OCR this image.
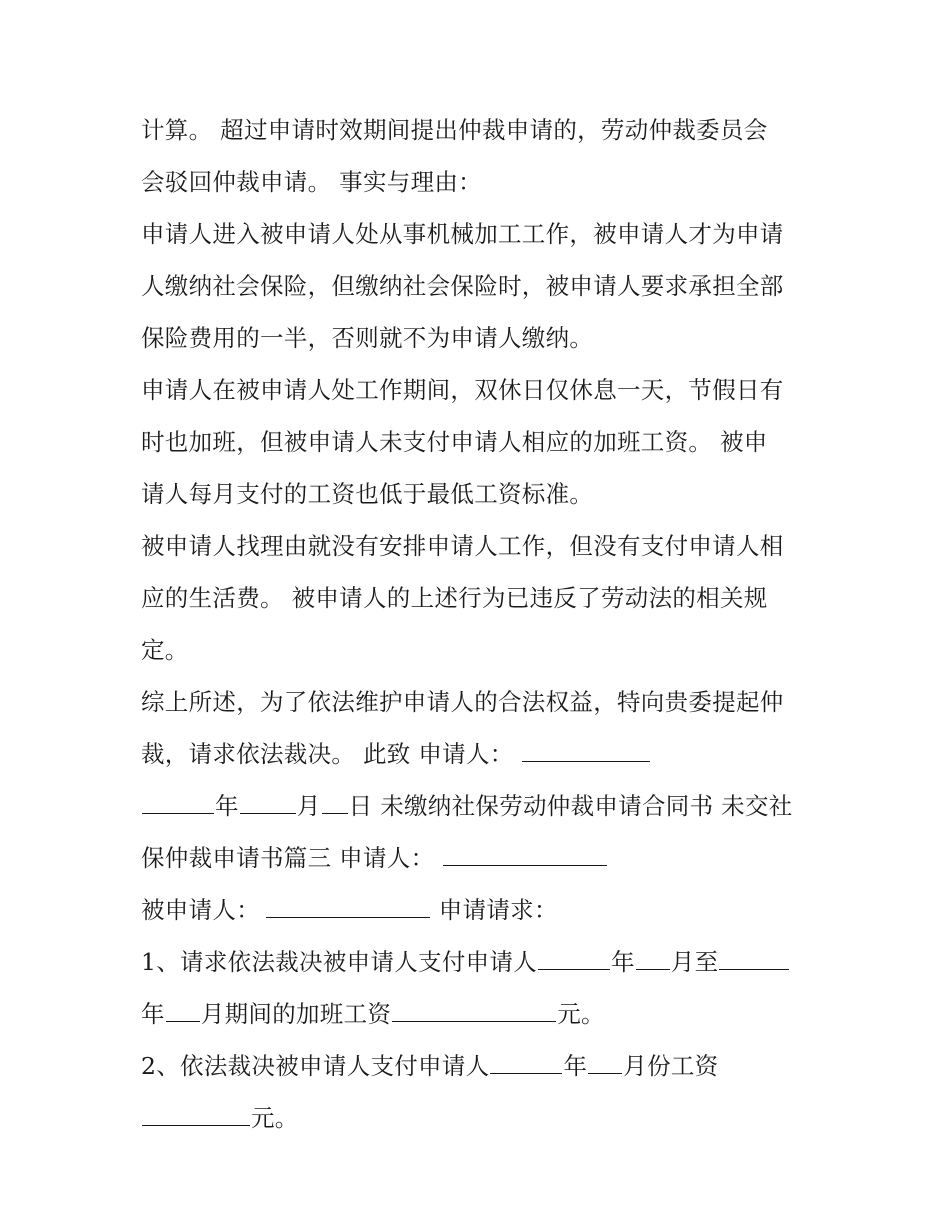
计算。 超过申请时效期间提出仲裁申请的，劳动仲裁委员会
会驳回仲裁申请。 事实与理由：
申请人进入被申请人处从事机械加工工作，被申请人才为申请
人缴纳社会保险，但缴纳社会保险时，被申请人要求承担全部
保险费用的一半，否则就不为申请人缴纳。
申请人在被申请人处工作期间，双休日仅休息一天，节假日有
时也加班，但被申请人未支付申请人相应的加班工资。 被申
请人每月支付的工资也低于最低工资标准。
被申请人找理由就没有安排申请人工作，但没有支付申请人相
应的生活费。 被申请人的上述行为已违反了劳动法的相关规
定。
综上所述，为了依法维护申请人的合法权益，特向贵委提起仲
裁，请求依法裁决。 此致 申请人：
年 月 日 未缴纳社保劳动仲裁申请合同书 未交社
保仲裁申请书篇三 申请人：
被申请人：	申请请求：
1、请求依法裁决被申请人支付申请人	年 月至
年 月期间的加班工资	元。
2、依法裁决被申请人支付申请人	年 月份工资
元。
